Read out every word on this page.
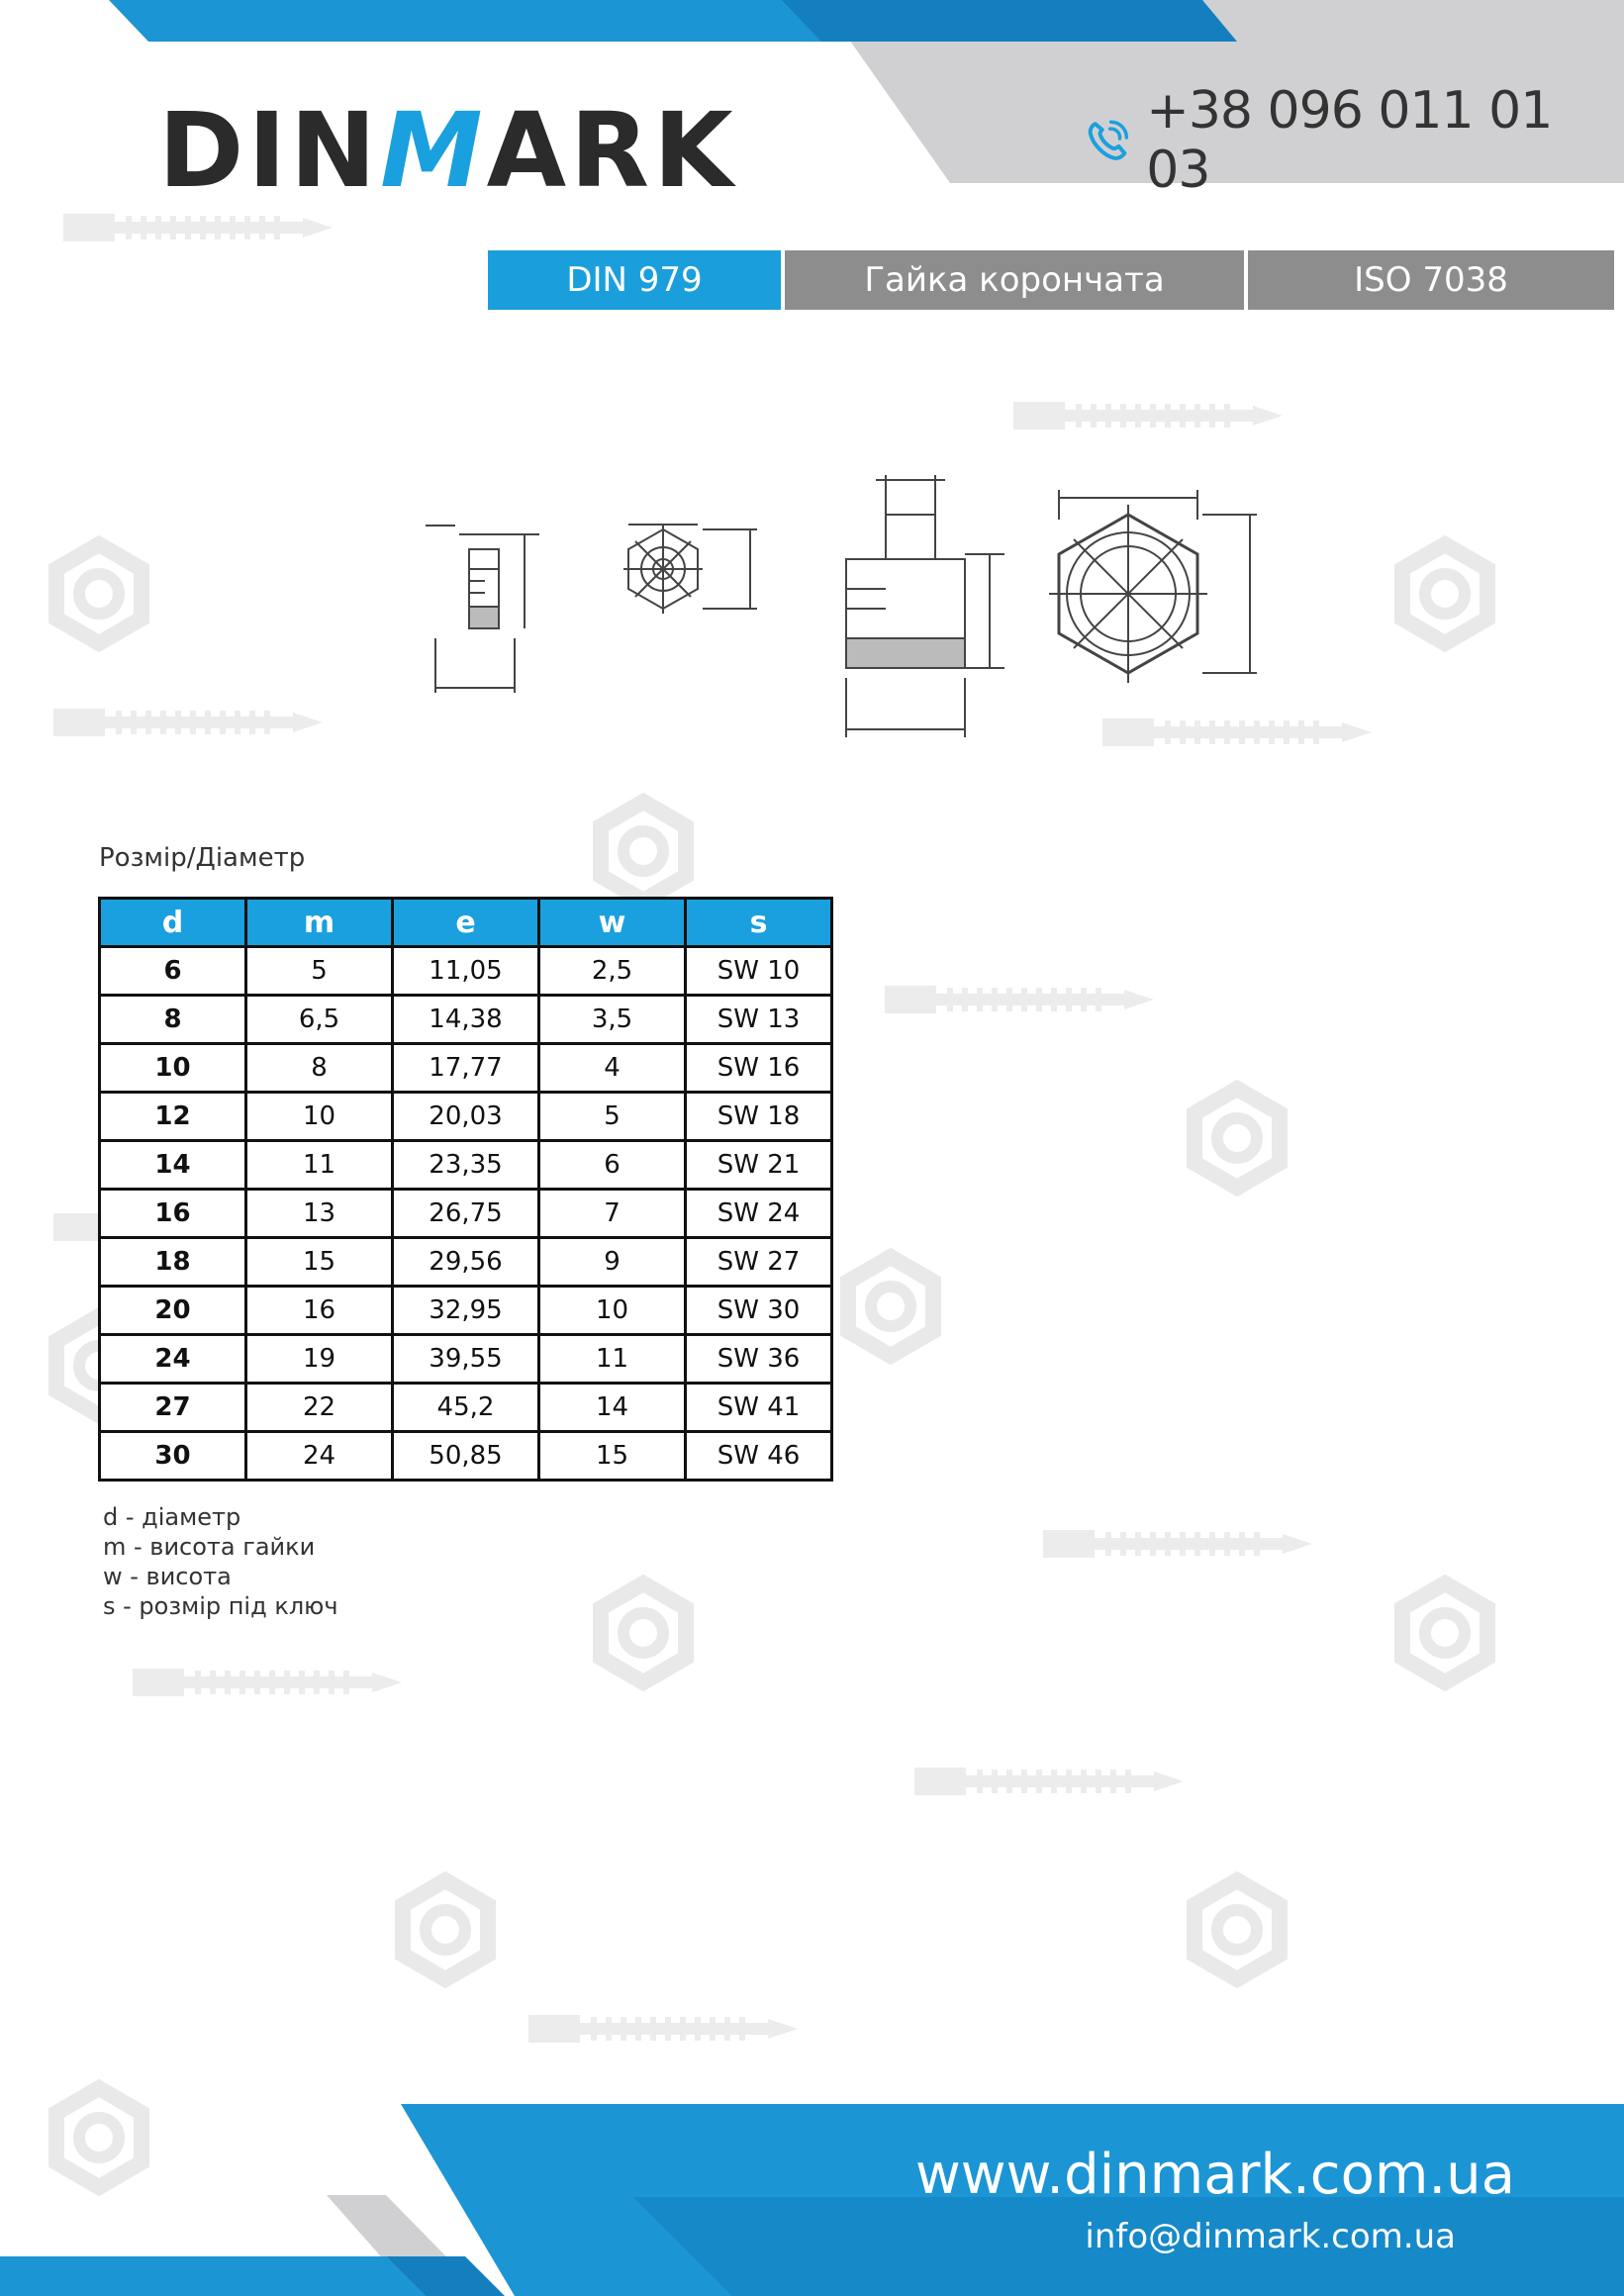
DINMARK	+38 096 011 01 03
DIN 979	Гайка корончата	ISO 7038
Розмір/Діаметр
d	m	e	w	s
6	5	11,05	2,5	SW 10
8	6,5	14,38	3,5	SW 13
10	8	17,77	4	SW 16
12	10	20,03	5	SW 18
14	11	23,35	6	SW 21
16	13	26,75	7	SW 24
18	15	29,56	9	SW 27
20	16	32,95	10	SW 30
24	19	39,55	11	SW 36
27	22	45,2	14	SW 41
30	24	50,85	15	SW 46
d - діаметр
m - висота гайки
w - висота
s - розмір під ключ
www.dinmark.com.ua
info@dinmark.com.ua
